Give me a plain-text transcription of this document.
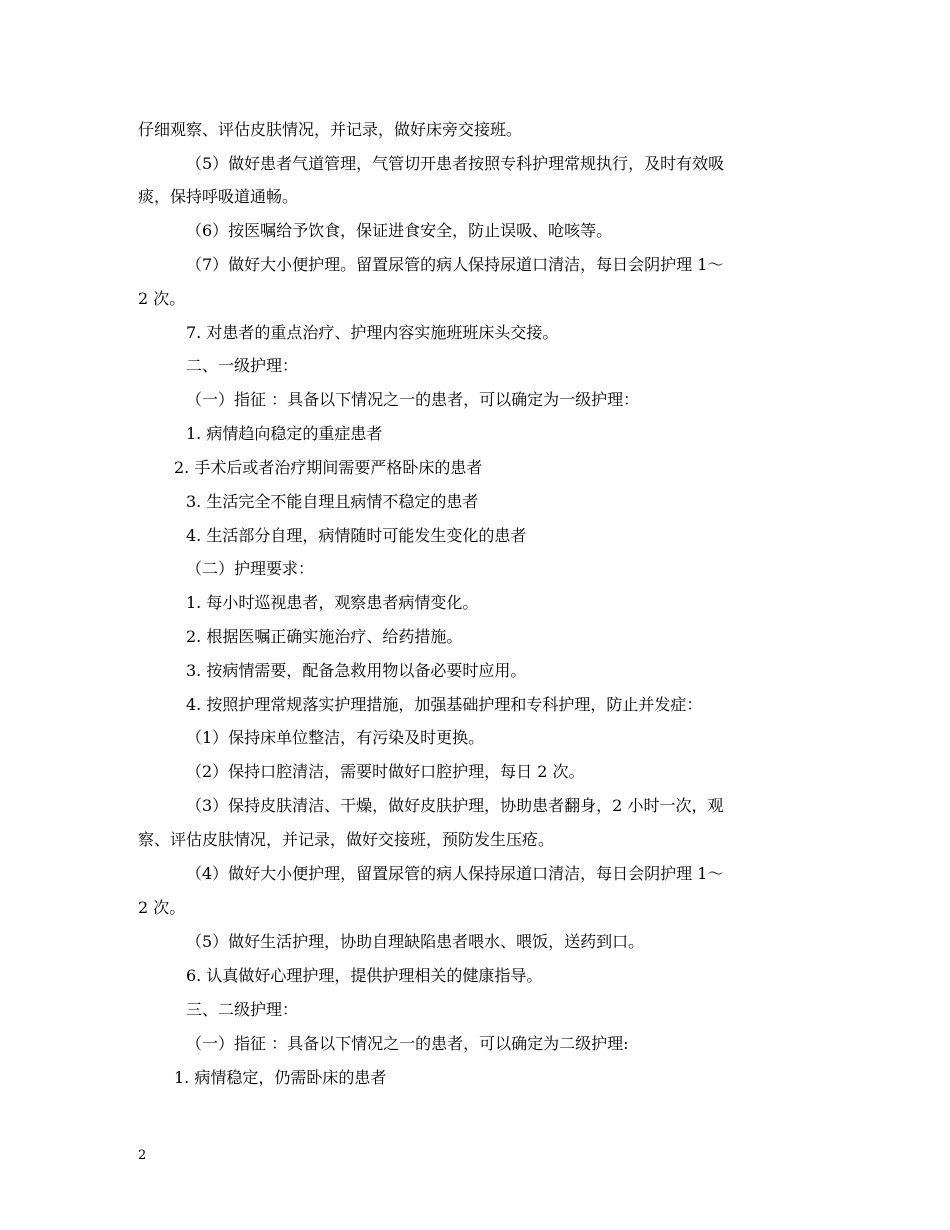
仔细观察、评估皮肤情况，并记录，做好床旁交接班。
（5）做好患者气道管理，气管切开患者按照专科护理常规执行，及时有效吸
痰，保持呼吸道通畅。
（6）按医嘱给予饮食，保证进食安全，防止误吸、呛咳等。
（7）做好大小便护理。留置尿管的病人保持尿道口清洁，每日会阴护理 1～
2 次。
7. 对患者的重点治疗、护理内容实施班班床头交接。
二、一级护理：
（一）指征 ：具备以下情况之一的患者，可以确定为一级护理：
1. 病情趋向稳定的重症患者
2. 手术后或者治疗期间需要严格卧床的患者
3. 生活完全不能自理且病情不稳定的患者
4. 生活部分自理，病情随时可能发生变化的患者
（二）护理要求：
1. 每小时巡视患者，观察患者病情变化。
2. 根据医嘱正确实施治疗、给药措施。
3. 按病情需要，配备急救用物以备必要时应用。
4. 按照护理常规落实护理措施，加强基础护理和专科护理，防止并发症：
（1）保持床单位整洁，有污染及时更换。
（2）保持口腔清洁，需要时做好口腔护理，每日 2 次。
（3）保持皮肤清洁、干燥，做好皮肤护理，协助患者翻身，2 小时一次，观
察、评估皮肤情况，并记录，做好交接班，预防发生压疮。
（4）做好大小便护理，留置尿管的病人保持尿道口清洁，每日会阴护理 1～
2 次。
（5）做好生活护理，协助自理缺陷患者喂水、喂饭，送药到口。
6. 认真做好心理护理，提供护理相关的健康指导。
三、二级护理：
（一）指征 ：具备以下情况之一的患者，可以确定为二级护理:
1. 病情稳定，仍需卧床的患者
2
